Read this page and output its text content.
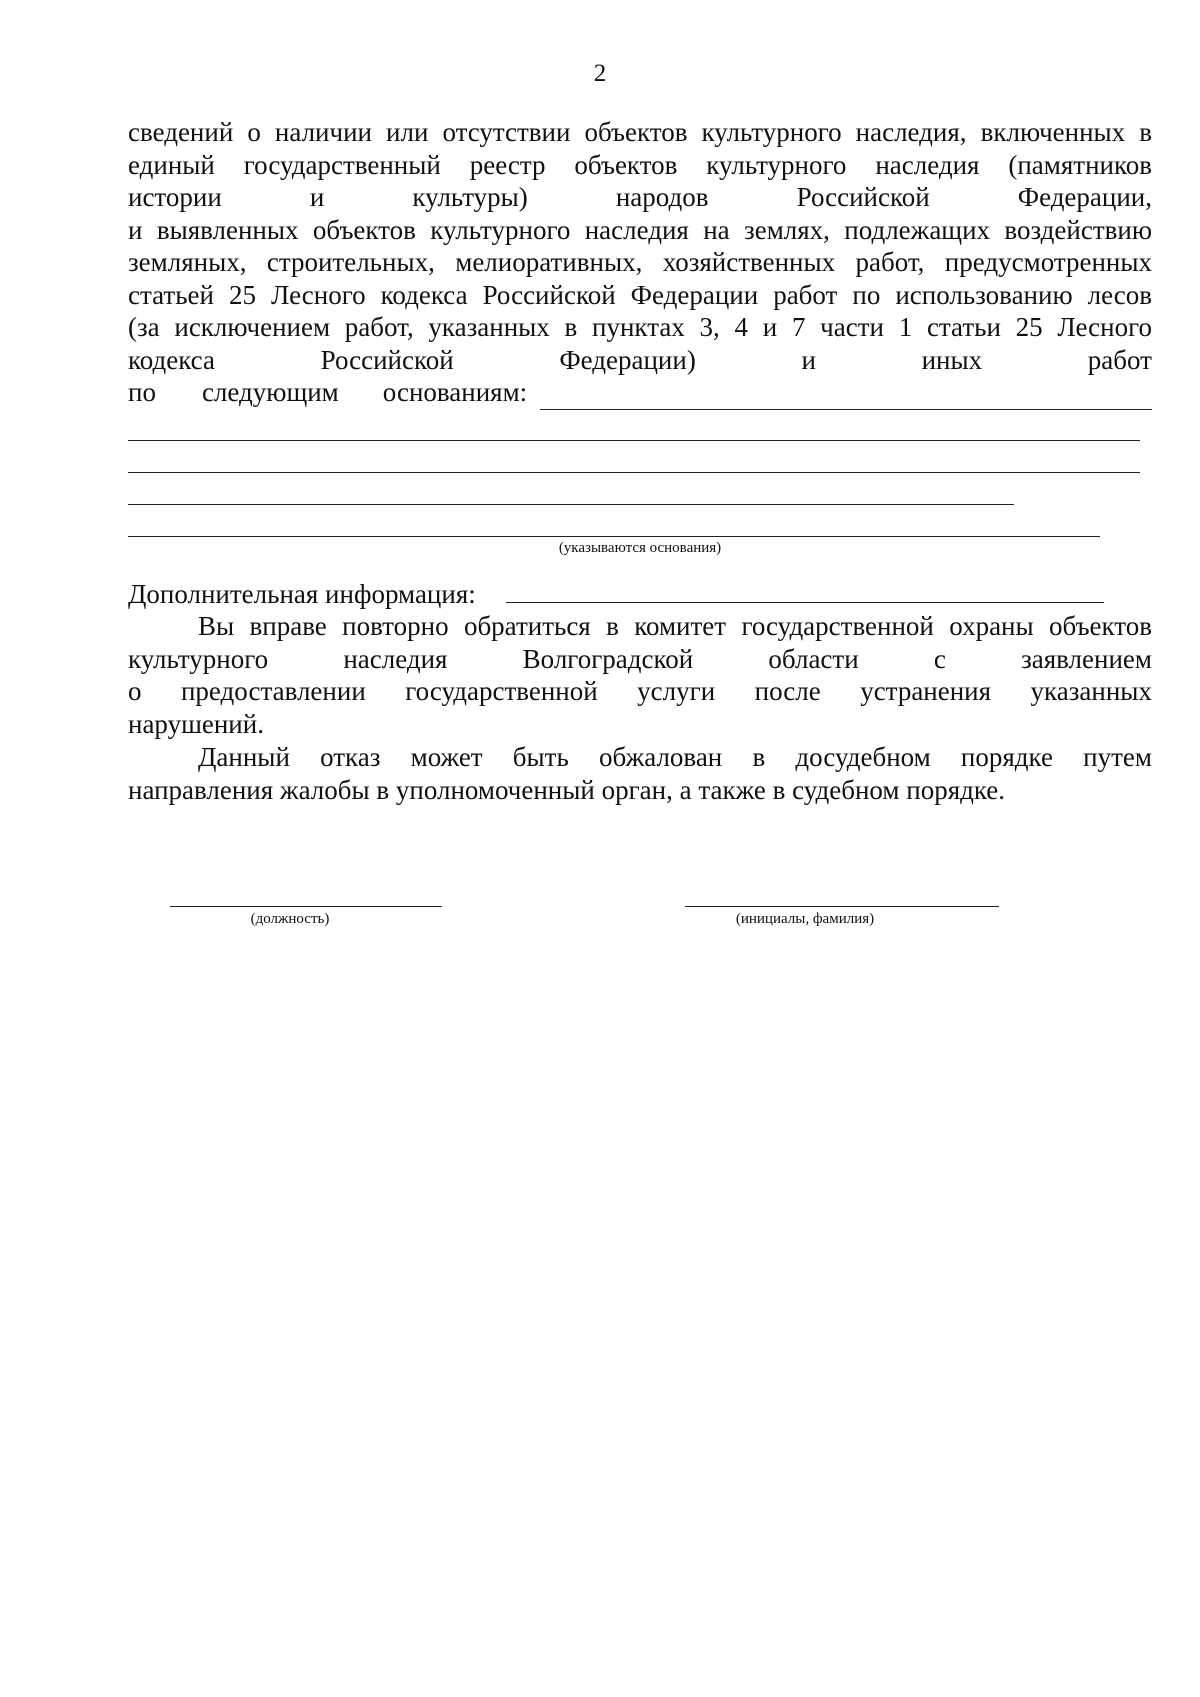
2
сведений о наличии или отсутствии объектов культурного наследия, включенных в
единый государственный реестр объектов культурного наследия (памятников
истории	и	культуры)	народов	Российской	Федерации,
и выявленных объектов культурного наследия на землях, подлежащих воздействию
земляных, строительных, мелиоративных, хозяйственных работ, предусмотренных
статьей 25 Лесного кодекса Российской Федерации работ по использованию лесов
(за исключением работ, указанных в пунктах 3, 4 и 7 части 1 статьи 25 Лесного
кодекса	Российской	Федерации)	и	иных	работ
по следующим основаниям:
(указываются основания)
Дополнительная информация:
Вы вправе повторно обратиться в комитет государственной охраны объектов
культурного	наследия	Волгоградской	области	с	заявлением
о предоставлении государственной услуги после устранения указанных
нарушений.
Данный отказ может быть обжалован в досудебном порядке путем
направления жалобы в уполномоченный орган, а также в судебном порядке.
(должность)	(инициалы, фамилия)
